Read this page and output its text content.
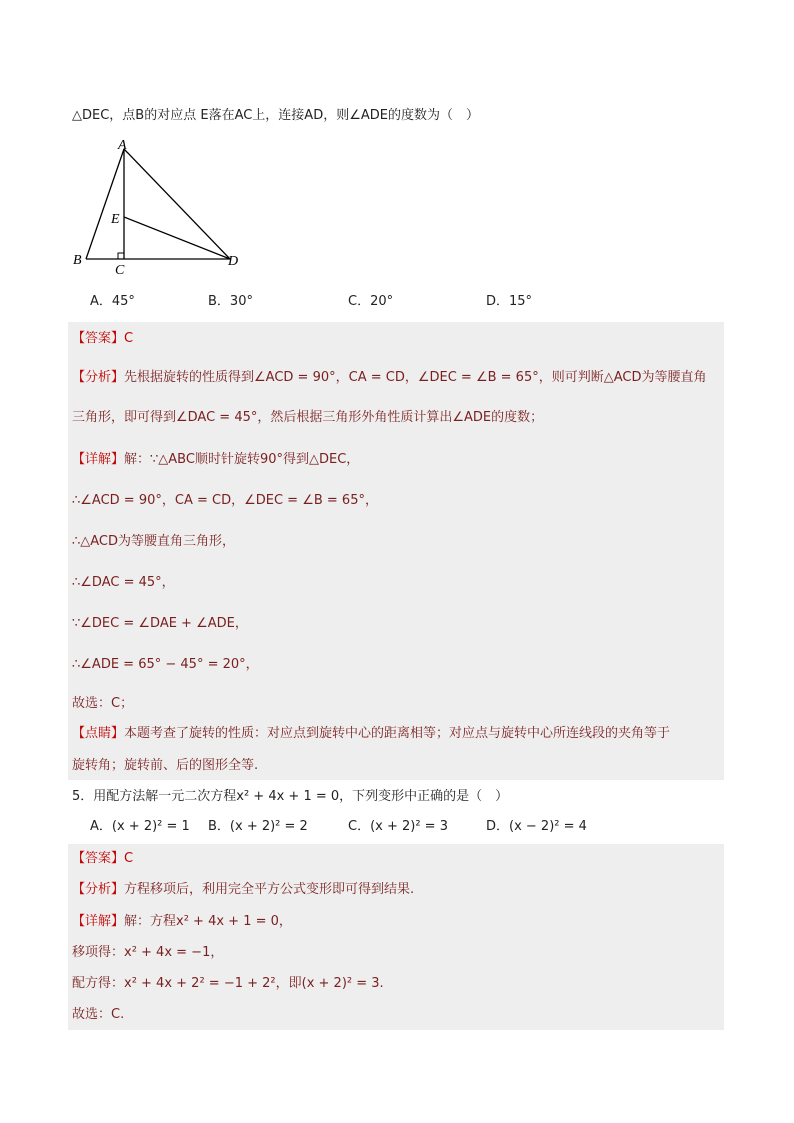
△DEC，点B的对应点 E落在AC上，连接AD，则∠ADE的度数为（　）
A
B
C
D
E
A．45°	B．30°	C．20°	D．15°
【答案】C
【分析】先根据旋转的性质得到∠ACD = 90°，CA = CD，∠DEC = ∠B = 65°，则可判断△ACD为等腰直角
三角形，即可得到∠DAC = 45°，然后根据三角形外角性质计算出∠ADE的度数；
【详解】解：∵△ABC顺时针旋转90°得到△DEC，
∴∠ACD = 90°，CA = CD，∠DEC = ∠B = 65°，
∴△ACD为等腰直角三角形，
∴∠DAC = 45°，
∵∠DEC = ∠DAE + ∠ADE，
∴∠ADE = 65° − 45° = 20°，
故选：C；
【点睛】本题考查了旋转的性质：对应点到旋转中心的距离相等；对应点与旋转中心所连线段的夹角等于
旋转角；旋转前、后的图形全等.
5．用配方法解一元二次方程x² + 4x + 1 = 0，下列变形中正确的是（　）
A．(x + 2)² = 1 B．(x + 2)² = 2	C．(x + 2)² = 3	D．(x − 2)² = 4
【答案】C
【分析】方程移项后，利用完全平方公式变形即可得到结果.
【详解】解：方程x² + 4x + 1 = 0，
移项得：x² + 4x = −1，
配方得：x² + 4x + 2² = −1 + 2²，即(x + 2)² = 3.
故选：C.
